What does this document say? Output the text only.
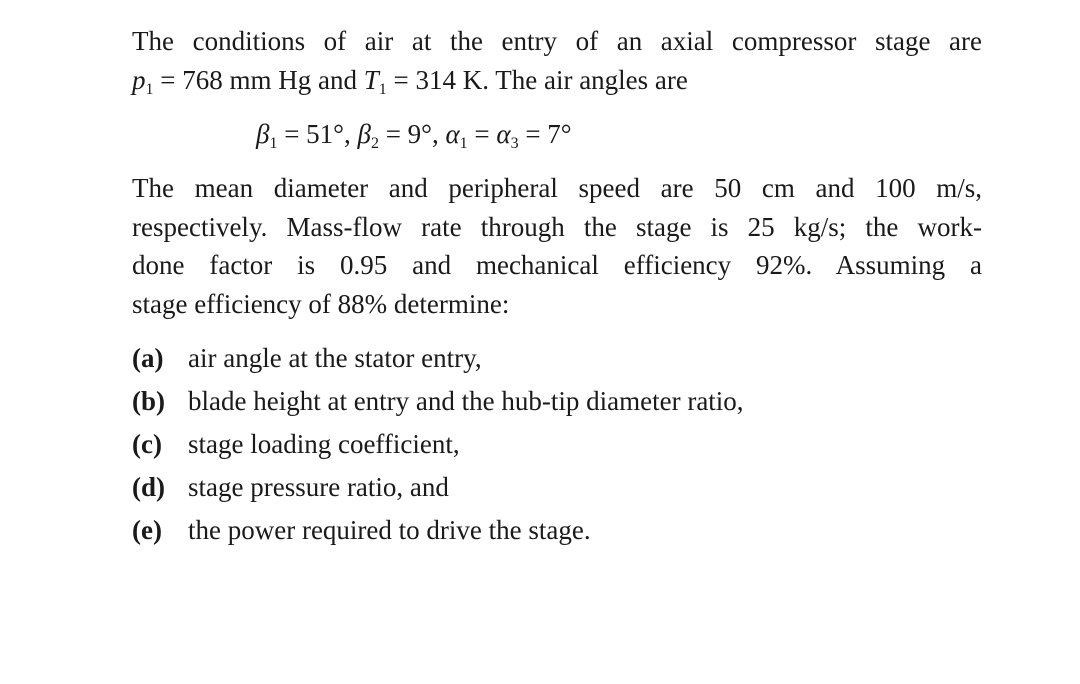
The conditions of air at the entry of an axial compressor stage are
$p_1 = 768$ mm Hg and $T_1 = 314$ K. The air angles are

$\beta_1 = 51^\circ$, $\beta_2 = 9^\circ$, $\alpha_1 = \alpha_3 = 7^\circ$

The mean diameter and peripheral speed are 50 cm and 100 m/s,
respectively. Mass-flow rate through the stage is 25 kg/s; the work-
done factor is 0.95 and mechanical efficiency 92%. Assuming a
stage efficiency of 88% determine:

(a) air angle at the stator entry,
(b) blade height at entry and the hub-tip diameter ratio,
(c) stage loading coefficient,
(d) stage pressure ratio, and
(e) the power required to drive the stage.
